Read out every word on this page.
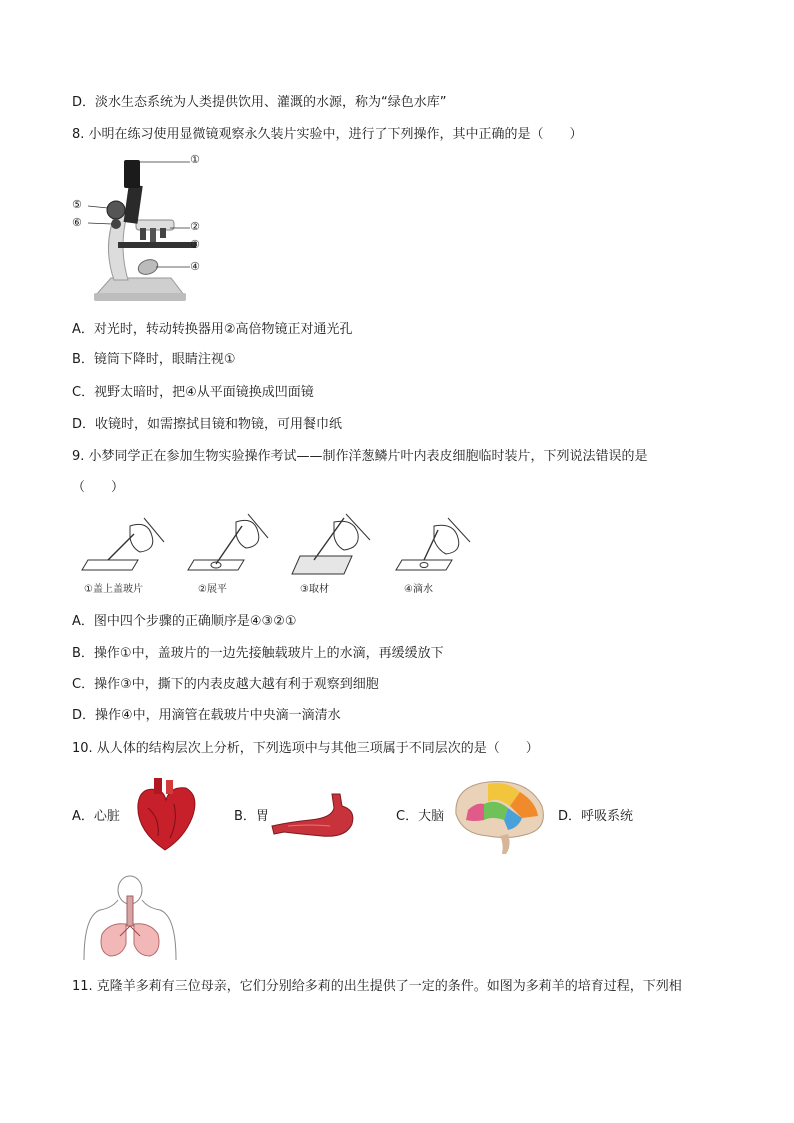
D．淡水生态系统为人类提供饮用、灌溉的水源，称为“绿色水库”
8. 小明在练习使用显微镜观察永久装片实验中，进行了下列操作，其中正确的是（　　）
①
②
③
④
⑤
⑥
A．对光时，转动转换器用②高倍物镜正对通光孔
B．镜筒下降时，眼睛注视①
C．视野太暗时，把④从平面镜换成凹面镜
D．收镜时，如需擦拭目镜和物镜，可用餐巾纸
9. 小梦同学正在参加生物实验操作考试——制作洋葱鳞片叶内表皮细胞临时装片，下列说法错误的是
（　　）
①盖上盖玻片	②展平	③取材	④滴水
A．图中四个步骤的正确顺序是④③②①
B．操作①中，盖玻片的一边先接触载玻片上的水滴，再缓缓放下
C．操作③中，撕下的内表皮越大越有利于观察到细胞
D．操作④中，用滴管在载玻片中央滴一滴清水
10. 从人体的结构层次上分析，下列选项中与其他三项属于不同层次的是（　　）
A．心脏	B．胃	C．大脑	D．呼吸系统
11. 克隆羊多莉有三位母亲，它们分别给多莉的出生提供了一定的条件。如图为多莉羊的培育过程，下列相
